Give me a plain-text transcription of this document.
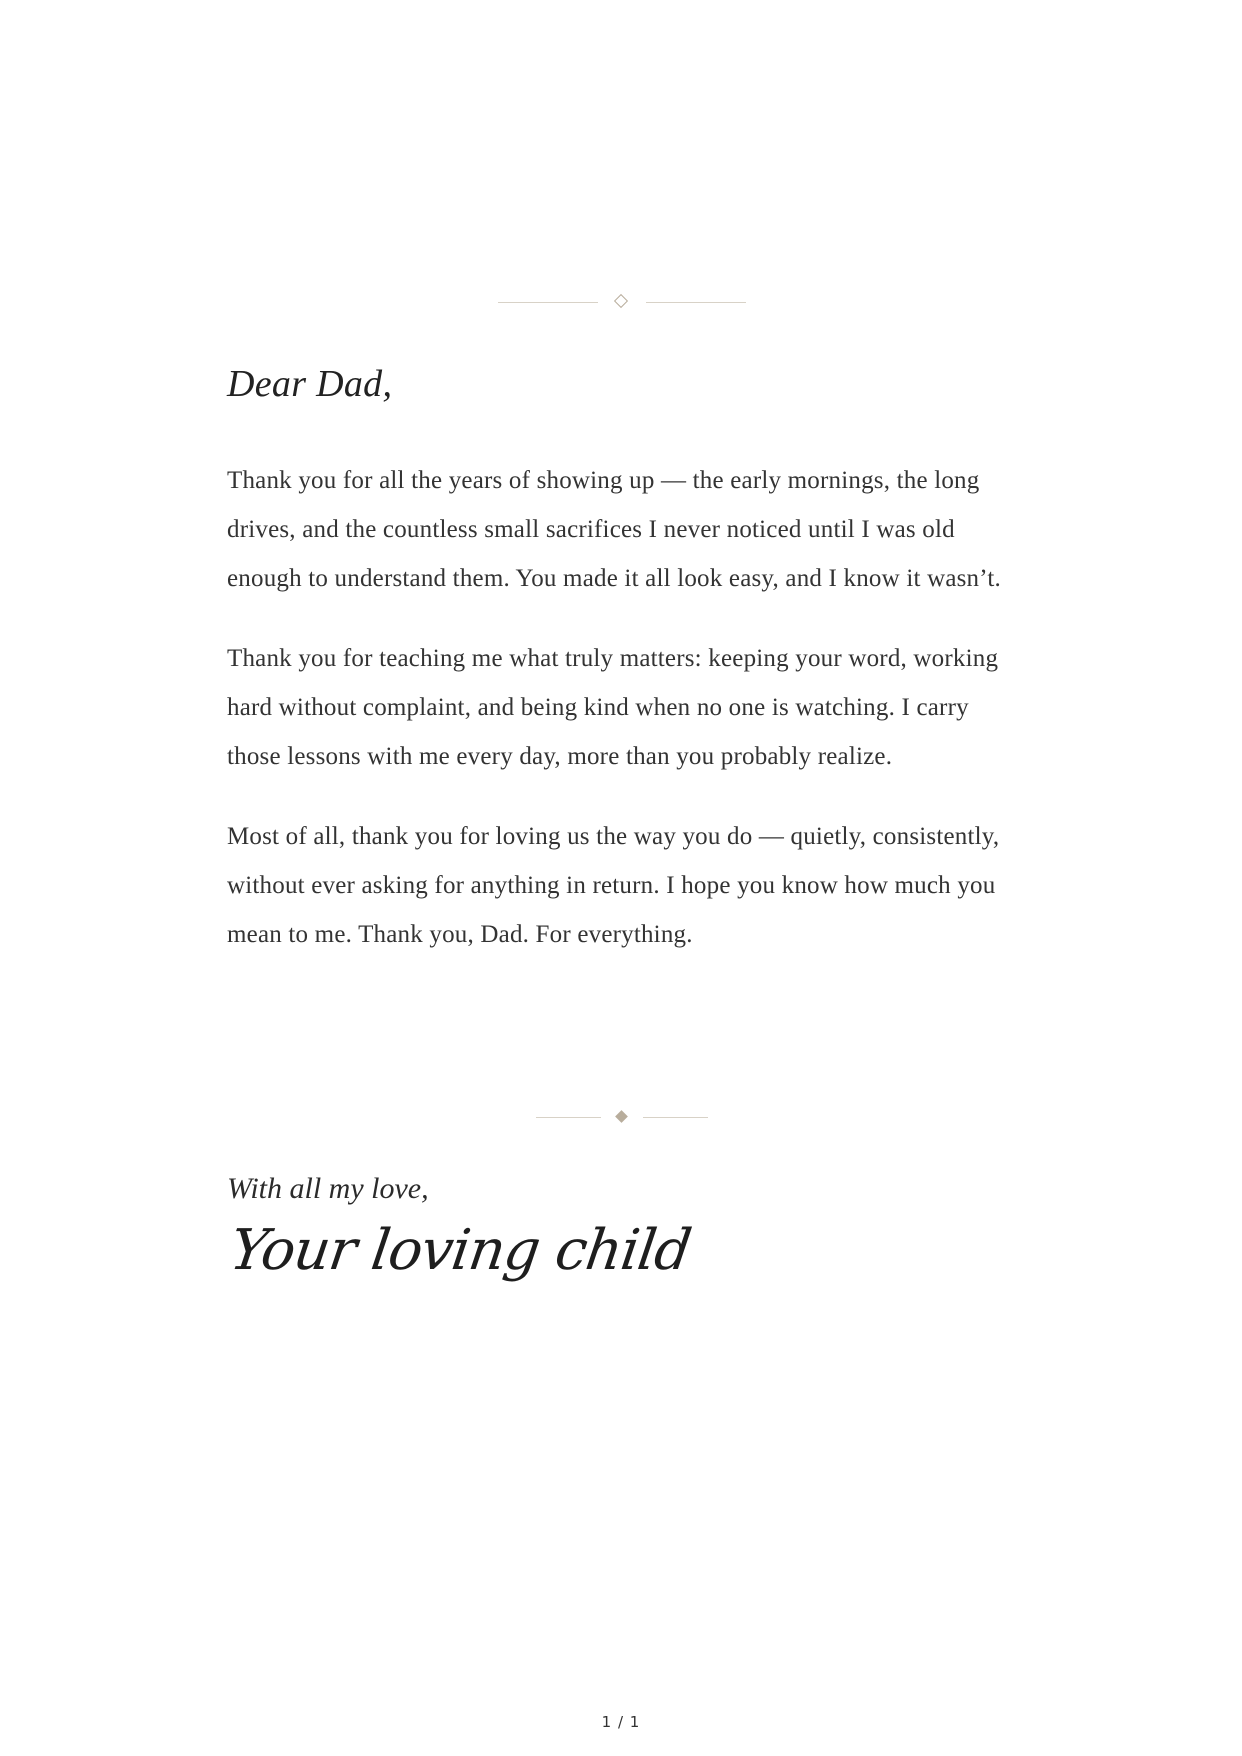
Dear Dad,

Thank you for all the years of showing up — the early mornings, the long drives, and the countless small sacrifices I never noticed until I was old enough to understand them. You made it all look easy, and I know it wasn’t.

Thank you for teaching me what truly matters: keeping your word, working hard without complaint, and being kind when no one is watching. I carry those lessons with me every day, more than you probably realize.

Most of all, thank you for loving us the way you do — quietly, consistently, without ever asking for anything in return. I hope you know how much you mean to me. Thank you, Dad. For everything.

With all my love,

Your loving child

1 / 1
